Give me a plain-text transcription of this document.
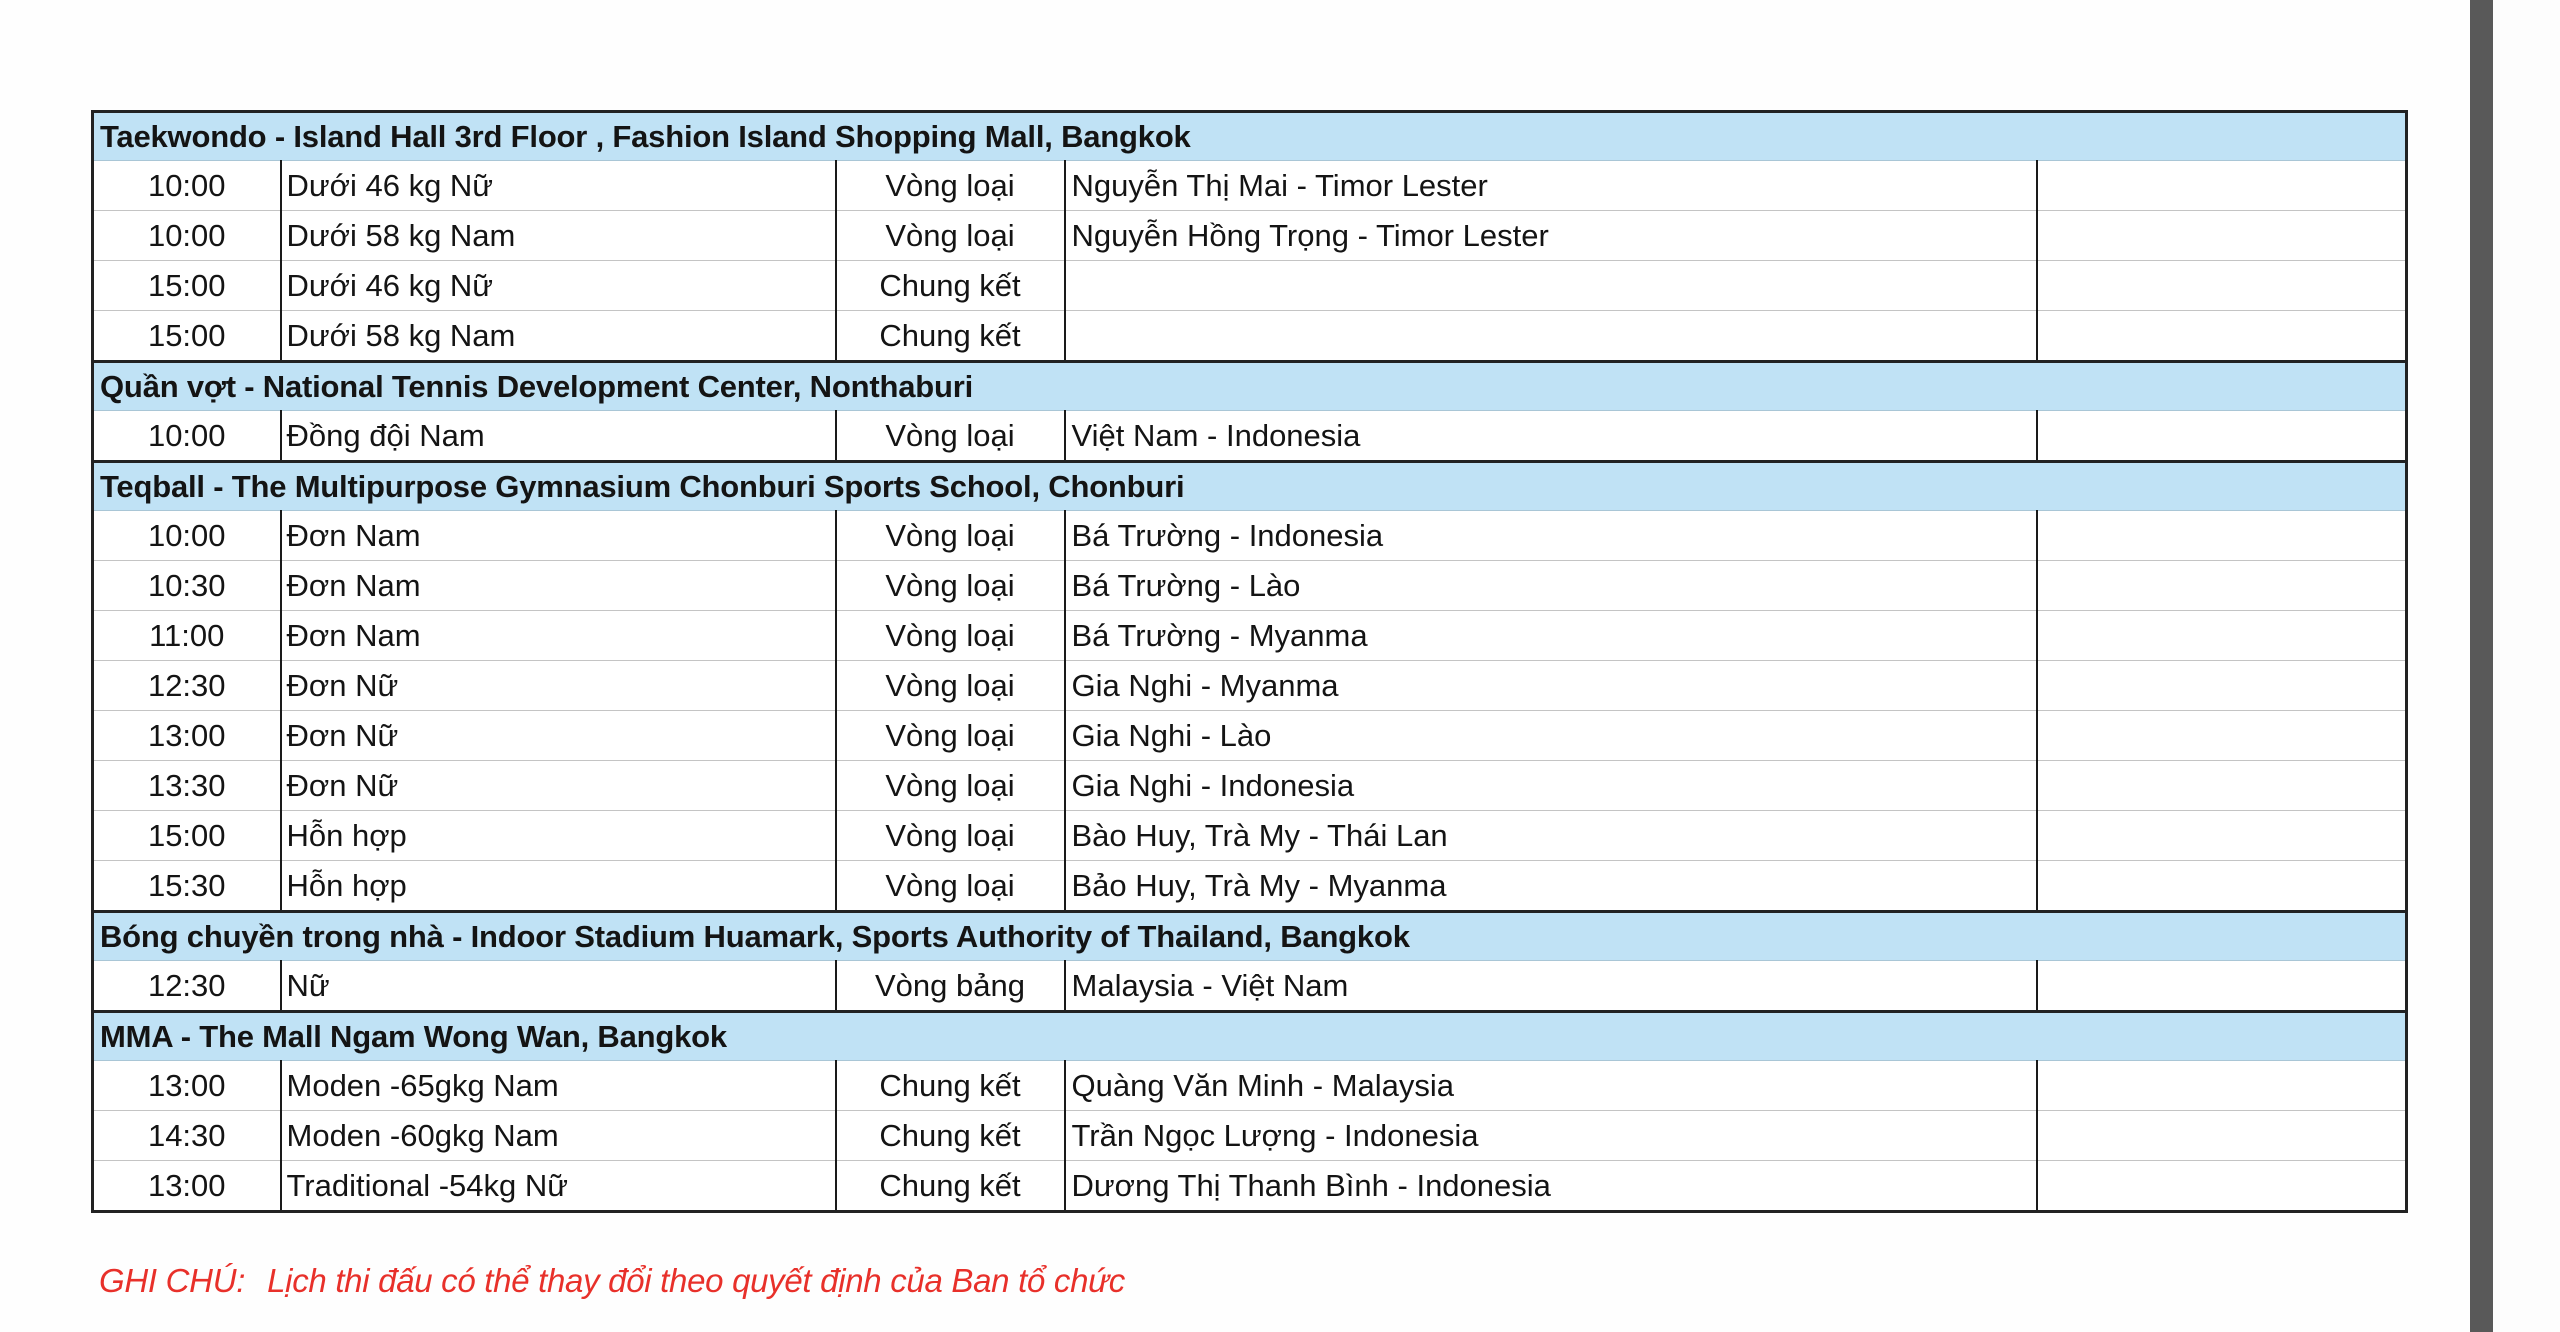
Taekwondo - Island Hall 3rd Floor , Fashion Island Shopping Mall, Bangkok				
10:00	Dưới 46 kg Nữ	Vòng loại	Nguyễn Thị Mai - Timor Lester	
10:00	Dưới 58 kg Nam	Vòng loại	Nguyễn Hồng Trọng - Timor Lester	
15:00	Dưới 46 kg Nữ	Chung kết		
15:00	Dưới 58 kg Nam	Chung kết		
Quần vợt - National Tennis Development Center, Nonthaburi				
10:00	Đồng đội Nam	Vòng loại	Việt Nam - Indonesia	
Teqball - The Multipurpose Gymnasium Chonburi Sports School, Chonburi				
10:00	Đơn Nam	Vòng loại	Bá Trường - Indonesia	
10:30	Đơn Nam	Vòng loại	Bá Trường - Lào	
11:00	Đơn Nam	Vòng loại	Bá Trường - Myanma	
12:30	Đơn Nữ	Vòng loại	Gia Nghi - Myanma	
13:00	Đơn Nữ	Vòng loại	Gia Nghi - Lào	
13:30	Đơn Nữ	Vòng loại	Gia Nghi - Indonesia	
15:00	Hỗn hợp	Vòng loại	Bào Huy, Trà My - Thái Lan	
15:30	Hỗn hợp	Vòng loại	Bảo Huy, Trà My - Myanma	
Bóng chuyền trong nhà - Indoor Stadium Huamark, Sports Authority of Thailand, Bangkok				
12:30	Nữ	Vòng bảng	Malaysia - Việt Nam	
MMA - The Mall Ngam Wong Wan, Bangkok				
13:00	Moden -65gkg Nam	Chung kết	Quàng Văn Minh - Malaysia	
14:30	Moden -60gkg Nam	Chung kết	Trần Ngọc Lượng - Indonesia	
13:00	Traditional -54kg Nữ	Chung kết	Dương Thị Thanh Bình - Indonesia	
GHI CHÚ: Lịch thi đấu có thể thay đổi theo quyết định của Ban tổ chức
